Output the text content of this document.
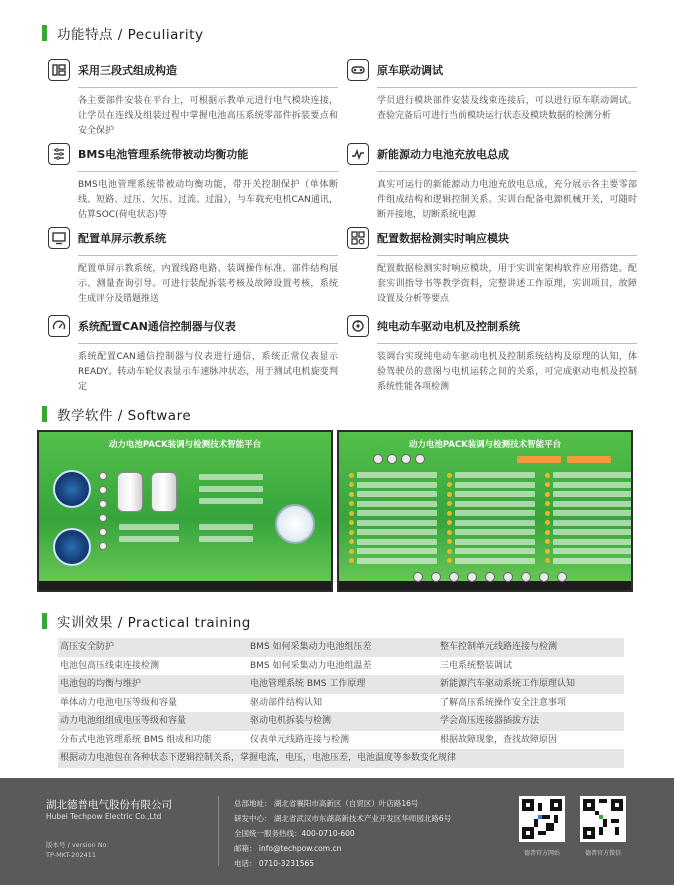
功能特点 / Peculiarity
采用三段式组成构造
各主要部件安装在平台上，可根据示教单元进行电气模块连接，让学员在连线及组装过程中掌握电池高压系统零部件拆装要点和安全保护
原车联动调试
学员进行模块部件安装及线束连接后，可以进行原车联动调试。查验完备后可进行当前模块运行状态及模块数据的检测分析
BMS电池管理系统带被动均衡功能
BMS电池管理系统带被动均衡功能，带开关控制保护（单体断线、短路、过压、欠压、过流、过温），与车载充电机CAN通讯，估算SOC(荷电状态)等
新能源动力电池充放电总成
真实可运行的新能源动力电池充放电总成，充分展示各主要零部件组成结构和逻辑控制关系。实训台配备电源机械开关，可随时断开接地，切断系统电源
配置单屏示教系统
配置单屏示教系统，内置线路电路、装调操作标准、部件结构展示、测量查询引导。可进行装配拆装考核及故障设置考核，系统生成评分及错题推送
配置数据检测实时响应模块
配置数据检测实时响应模块，用于实训室架构软件应用搭建。配套实训指导书等教学资料，完整讲述工作原理，实训项目，故障设置及分析等要点
系统配置CAN通信控制器与仪表
系统配置CAN通信控制器与仪表进行通信，系统正常仪表显示READY。转动车轮仪表显示车速脉冲状态，用于测试电机旋变判定
纯电动车驱动电机及控制系统
装调台实现纯电动车驱动电机及控制系统结构及原理的认知，体验驾驶员的意图与电机运转之间的关系，可完成驱动电机及控制系统性能各项检测
教学软件 / Software
动力电池PACK装调与检测技术智能平台	动力电池PACK装调与检测技术智能平台
实训效果 / Practical training
高压安全防护	BMS 如何采集动力电池组压差	整车控制单元线路连接与检测
电池包高压线束连接检测	BMS 如何采集动力电池组温差	三电系统整装调试
电池包的均衡与维护	电池管理系统 BMS 工作原理	新能源汽车驱动系统工作原理认知
单体动力电池电压等级和容量	驱动部件结构认知	了解高压系统操作安全注意事项
动力电池组组成电压等级和容量	驱动电机拆装与检测	学会高压连接器插拔方法
分布式电池管理系统 BMS 组成和功能	仪表单元线路连接与检测	根据故障现象，查找故障原因
根据动力电池包在各种状态下逻辑控制关系，掌握电流，电压，电池压差，电池温度等参数变化规律
湖北德普电气股份有限公司
Hubei Techpow Electric Co.,Ltd
版本号 / version No：
TP-MKT-202411
总部地址： 湖北省襄阳市高新区（自贸区）叶店路16号
研发中心： 湖北省武汉市东湖高新技术产业开发区华师园北路6号
全国统一服务热线：400-0710-600
邮箱： info@techpow.com.cn
电话： 0710-3231565
德普官方网站	德普官方微信
